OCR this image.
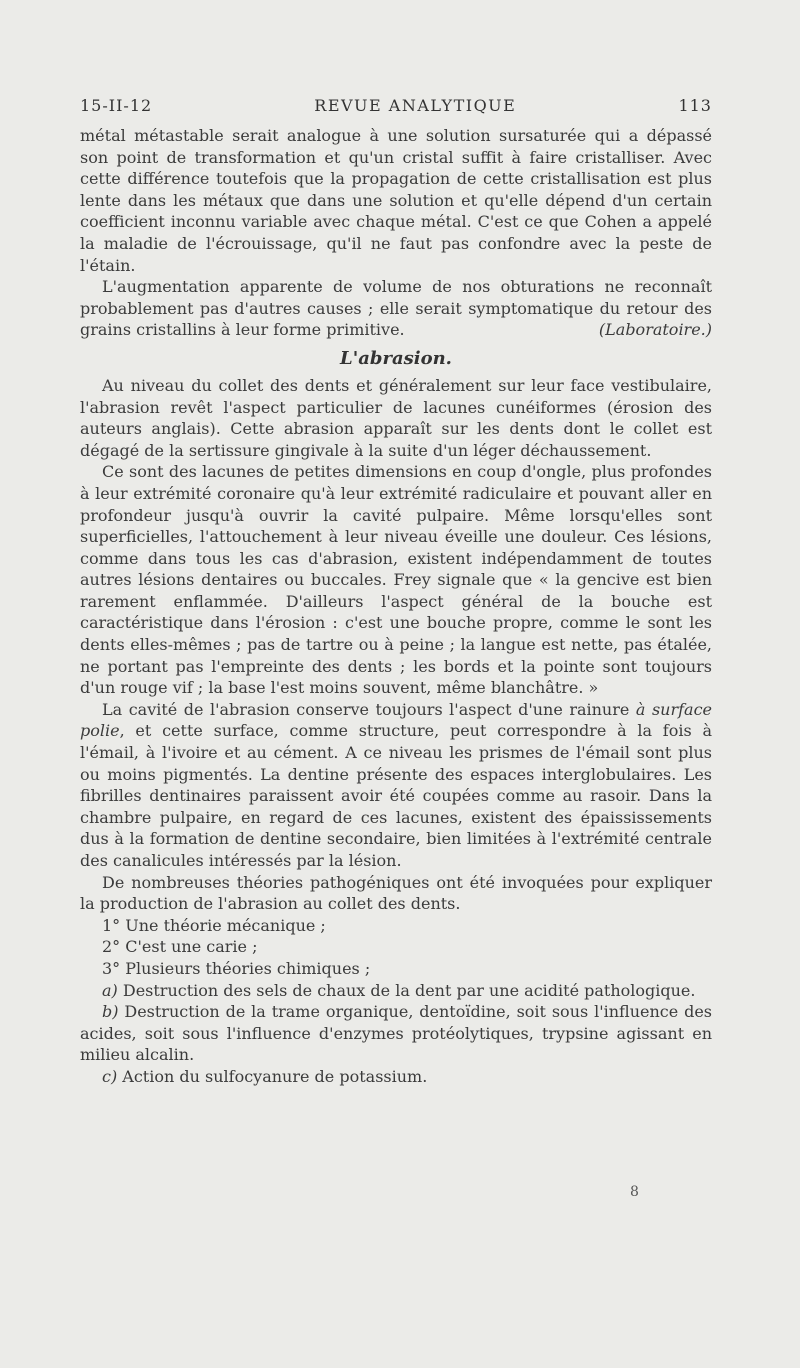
15-II-12	REVUE ANALYTIQUE	113

métal métastable serait analogue à une solution sursaturée qui a dépassé son point de transformation et qu'un cristal suffit à faire cristalliser. Avec cette différence toutefois que la propagation de cette cristallisation est plus lente dans les métaux que dans une solution et qu'elle dépend d'un certain coefficient inconnu variable avec chaque métal. C'est ce que Cohen a appelé la maladie de l'écrouissage, qu'il ne faut pas confondre avec la peste de l'étain.

L'augmentation apparente de volume de nos obturations ne reconnaît probablement pas d'autres causes ; elle serait symptomatique du retour des grains cristallins à leur forme primitive.	(Laboratoire.)

L'abrasion.

Au niveau du collet des dents et généralement sur leur face vestibulaire, l'abrasion revêt l'aspect particulier de lacunes cunéiformes (érosion des auteurs anglais). Cette abrasion apparaît sur les dents dont le collet est dégagé de la sertissure gingivale à la suite d'un léger déchaussement.

Ce sont des lacunes de petites dimensions en coup d'ongle, plus profondes à leur extrémité coronaire qu'à leur extrémité radiculaire et pouvant aller en profondeur jusqu'à ouvrir la cavité pulpaire. Même lorsqu'elles sont superficielles, l'attouchement à leur niveau éveille une douleur. Ces lésions, comme dans tous les cas d'abrasion, existent indépendamment de toutes autres lésions dentaires ou buccales. Frey signale que « la gencive est bien rarement enflammée. D'ailleurs l'aspect général de la bouche est caractéristique dans l'érosion : c'est une bouche propre, comme le sont les dents elles-mêmes ; pas de tartre ou à peine ; la langue est nette, pas étalée, ne portant pas l'empreinte des dents ; les bords et la pointe sont toujours d'un rouge vif ; la base l'est moins souvent, même blanchâtre. »

La cavité de l'abrasion conserve toujours l'aspect d'une rainure à surface polie, et cette surface, comme structure, peut correspondre à la fois à l'émail, à l'ivoire et au cément. A ce niveau les prismes de l'émail sont plus ou moins pigmentés. La dentine présente des espaces interglobulaires. Les fibrilles dentinaires paraissent avoir été coupées comme au rasoir. Dans la chambre pulpaire, en regard de ces lacunes, existent des épaississements dus à la formation de dentine secondaire, bien limitées à l'extrémité centrale des canalicules intéressés par la lésion.

De nombreuses théories pathogéniques ont été invoquées pour expliquer la production de l'abrasion au collet des dents.

1° Une théorie mécanique ;

2° C'est une carie ;

3° Plusieurs théories chimiques ;

a) Destruction des sels de chaux de la dent par une acidité pathologique.

b) Destruction de la trame organique, dentoïdine, soit sous l'influence des acides, soit sous l'influence d'enzymes protéolytiques, trypsine agissant en milieu alcalin.

c) Action du sulfocyanure de potassium.

8
